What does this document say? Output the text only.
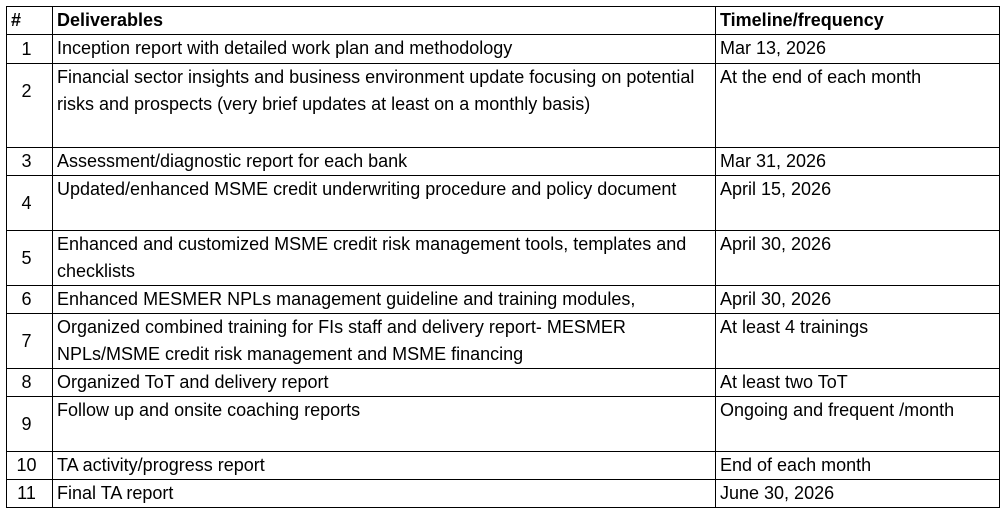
#	Deliverables	Timeline/frequency
1	Inception report with detailed work plan and methodology	Mar 13, 2026
2	Financial sector insights and business environment update focusing on potential risks and prospects (very brief updates at least on a monthly basis)	At the end of each month
3	Assessment/diagnostic report for each bank	Mar 31, 2026
4	Updated/enhanced MSME credit underwriting procedure and policy document	April 15, 2026
5	Enhanced and customized MSME credit risk management tools, templates and checklists	April 30, 2026
6	Enhanced MESMER NPLs management guideline and training modules,	April 30, 2026
7	Organized combined training for FIs staff and delivery report- MESMER NPLs/MSME credit risk management and MSME financing	At least 4 trainings
8	Organized ToT and delivery report	At least two ToT
9	Follow up and onsite coaching reports	Ongoing and frequent /month
10	TA activity/progress report	End of each month
11	Final TA report	June 30, 2026
